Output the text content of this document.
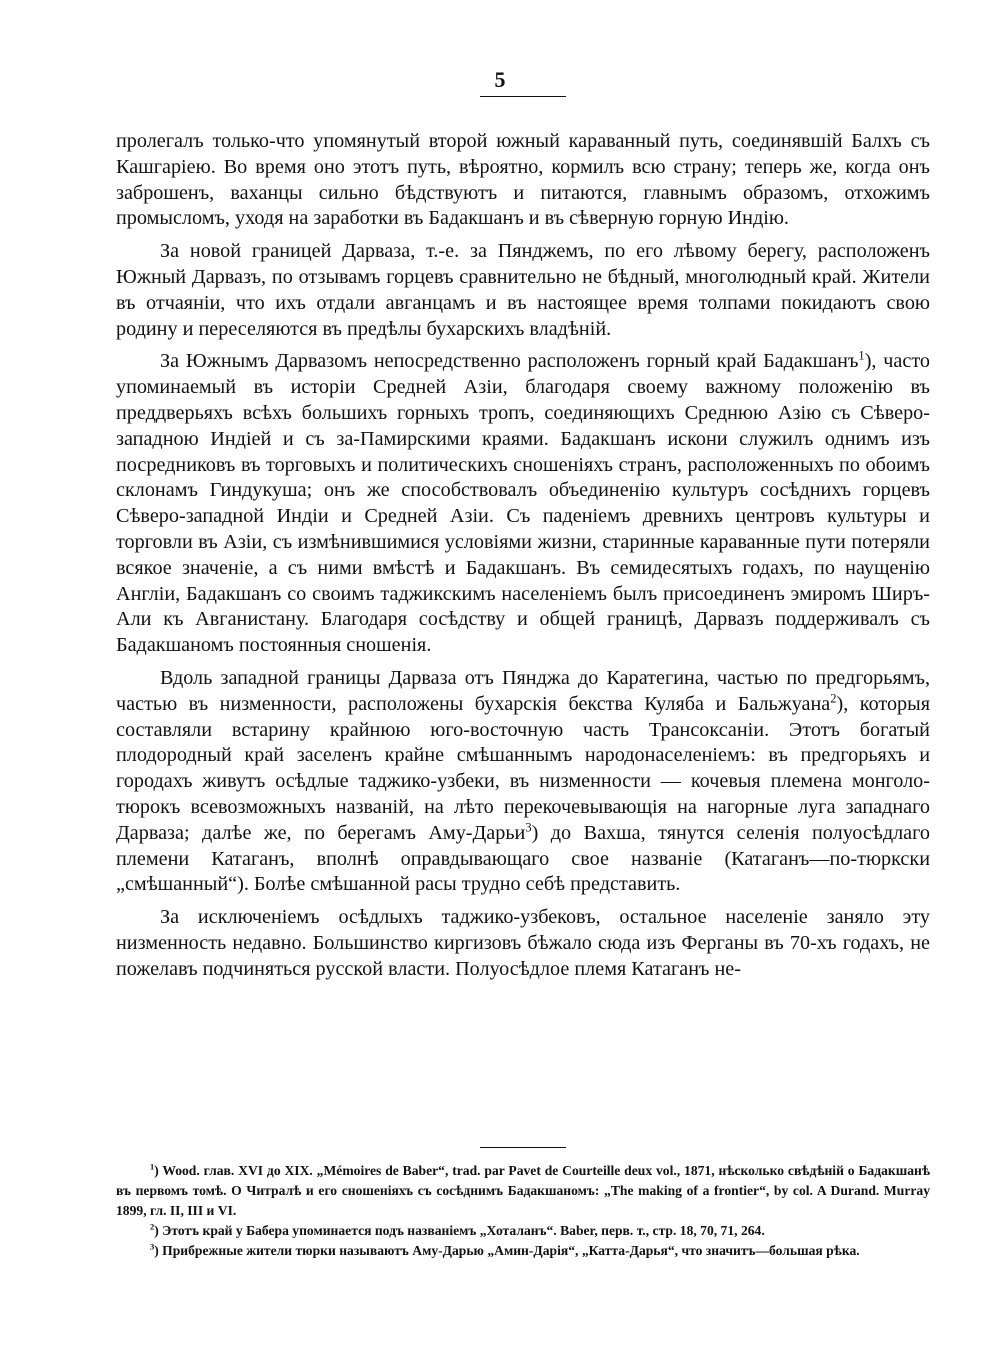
5

пролегалъ только-что упомянутый второй южный караванный путь, соединявшій Балхъ съ Кашгаріею. Во время оно этотъ путь, вѣроятно, кормилъ всю страну; теперь же, когда онъ заброшенъ, ваханцы сильно бѣдствуютъ и питаются, главнымъ образомъ, отхожимъ промысломъ, уходя на заработки въ Бадакшанъ и въ сѣверную горную Индію.

За новой границей Дарваза, т.-е. за Пянджемъ, по его лѣвому берегу, расположенъ Южный Дарвазъ, по отзывамъ горцевъ сравнительно не бѣдный, многолюдный край. Жители въ отчаяніи, что ихъ отдали авганцамъ и въ настоящее время толпами покидаютъ свою родину и переселяются въ предѣлы бухарскихъ владѣній.

За Южнымъ Дарвазомъ непосредственно расположенъ горный край Бадакшанъ$^1$), часто упоминаемый въ исторіи Средней Азіи, благодаря своему важному положенію въ преддверьяхъ всѣхъ большихъ горныхъ тропъ, соединяющихъ Среднюю Азію съ Сѣверо-западною Индіей и съ за-Памирскими краями. Бадакшанъ искони служилъ однимъ изъ посредниковъ въ торговыхъ и политическихъ сношеніяхъ странъ, расположенныхъ по обоимъ склонамъ Гиндукуша; онъ же способствовалъ объединенію культуръ сосѣднихъ горцевъ Сѣверо-западной Индіи и Средней Азіи. Съ паденіемъ древнихъ центровъ культуры и торговли въ Азіи, съ измѣнившимися условіями жизни, старинные караванные пути потеряли всякое значеніе, а съ ними вмѣстѣ и Бадакшанъ. Въ семидесятыхъ годахъ, по наущенію Англіи, Бадакшанъ со своимъ таджикскимъ населеніемъ былъ присоединенъ эмиромъ Ширъ-Али къ Авганистану. Благодаря сосѣдству и общей границѣ, Дарвазъ поддерживалъ съ Бадакшаномъ постоянныя сношенія.

Вдоль западной границы Дарваза отъ Пянджа до Каратегина, частью по предгорьямъ, частью въ низменности, расположены бухарскія бекства Куляба и Бальжуана$^2$), которыя составляли встарину крайнюю юго-восточную часть Трансоксаніи. Этотъ богатый плодородный край заселенъ крайне смѣшаннымъ народонаселеніемъ: въ предгорьяхъ и городахъ живутъ осѣдлые таджико-узбеки, въ низменности — кочевыя племена монголо-тюрокъ всевозможныхъ названій, на лѣто перекочевывающія на нагорные луга западнаго Дарваза; далѣе же, по берегамъ Аму-Дарьи$^3$) до Вахша, тянутся селенія полуосѣдлаго племени Катаганъ, вполнѣ оправдывающаго свое названіе (Катаганъ—по-тюркски „смѣшанный“). Болѣе смѣшанной расы трудно себѣ представить.

За исключеніемъ осѣдлыхъ таджико-узбековъ, остальное населеніе заняло эту низменность недавно. Большинство киргизовъ бѣжало сюда изъ Ферганы въ 70-хъ годахъ, не пожелавъ подчиняться русской власти. Полуосѣдлое племя Катаганъ не-

$^1$) Wood. глав. XVI до XIX. „Mémoires de Baber“, trad. par Pavet de Courteille deux vol., 1871, нѣсколько свѣдѣній о Бадакшанѣ въ первомъ томѣ. О Читралѣ и его сношеніяхъ съ сосѣднимъ Бадакшаномъ: „The making of a frontier“, by col. A Durand. Murray 1899, гл. II, III и VI.

$^2$) Этотъ край у Бабера упоминается подъ названіемъ „Хоталанъ“. Baber, перв. т., стр. 18, 70, 71, 264.

$^3$) Прибрежные жители тюрки называютъ Аму-Дарью „Амин-Дарія“, „Катта-Дарья“, что значитъ—большая рѣка.
